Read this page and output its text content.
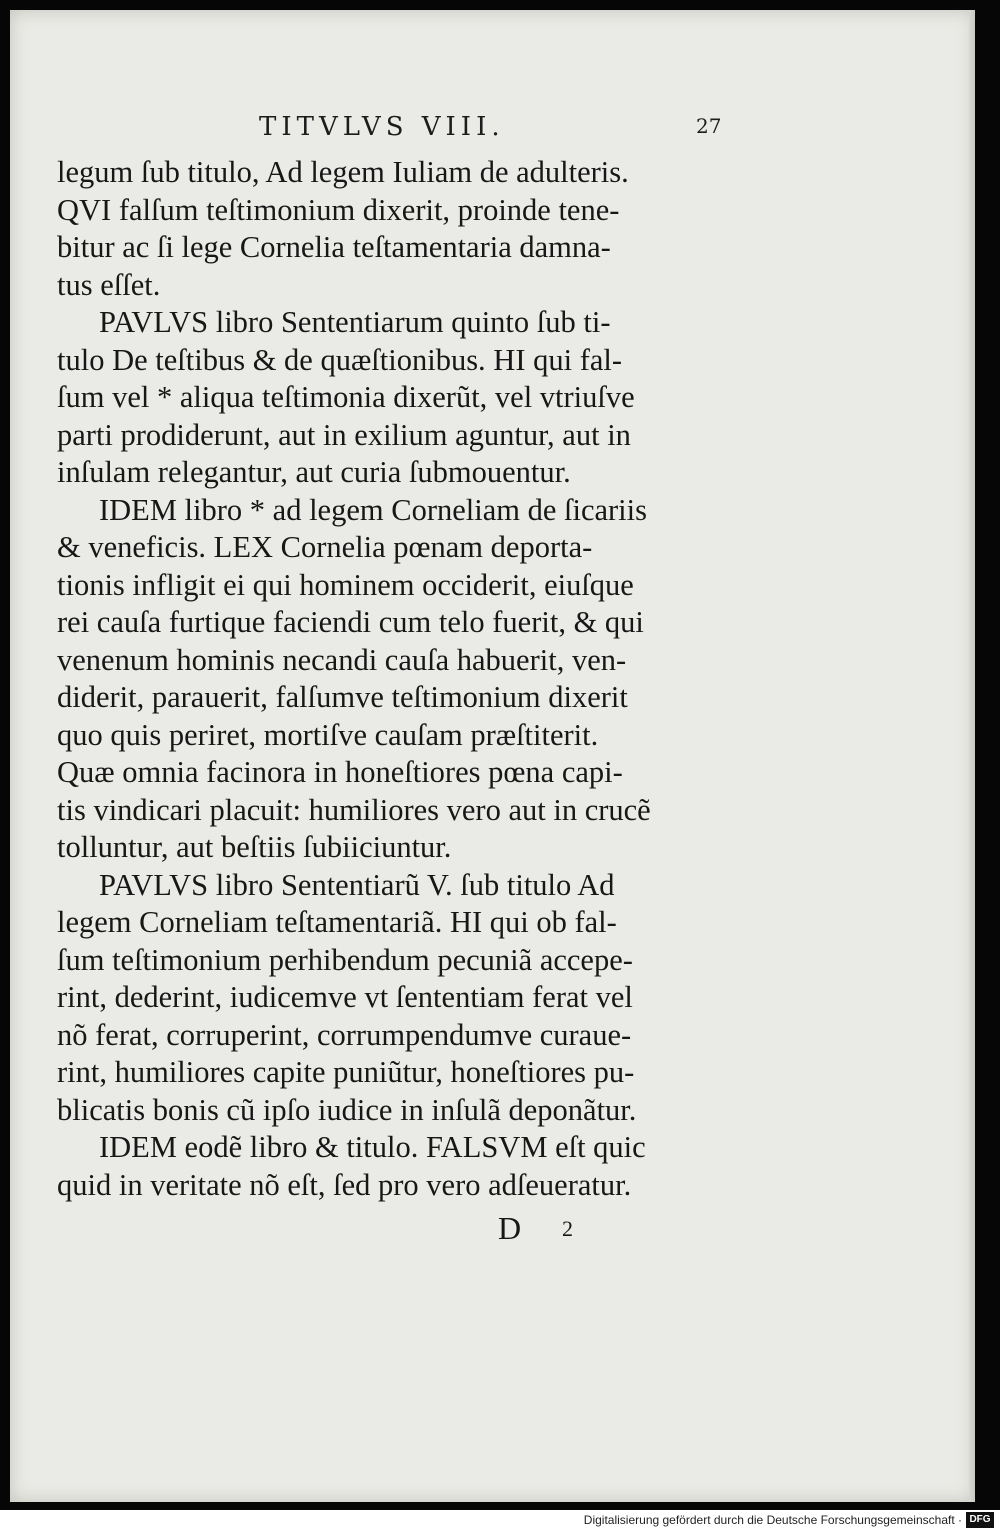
TITVLVS VIII.	27
legum ſub titulo, Ad legem Iuliam de adulteris.
QVI falſum teſtimonium dixerit, proinde tene-
bitur ac ſi lege Cornelia teſtamentaria damna-
tus eſſet.
PAVLVS libro Sententiarum quinto ſub ti-
tulo De teſtibus & de quæſtionibus. HI qui fal-
ſum vel * aliqua teſtimonia dixerũt, vel vtriuſve
parti prodiderunt, aut in exilium aguntur, aut in
inſulam relegantur, aut curia ſubmouentur.
IDEM libro * ad legem Corneliam de ſicariis
& veneficis. LEX Cornelia pœnam deporta-
tionis infligit ei qui hominem occiderit, eiuſque
rei cauſa furtique faciendi cum telo fuerit, & qui
venenum hominis necandi cauſa habuerit, ven-
diderit, parauerit, falſumve teſtimonium dixerit
quo quis periret, mortiſve cauſam præſtiterit.
Quæ omnia facinora in honeſtiores pœna capi-
tis vindicari placuit: humiliores vero aut in crucẽ
tolluntur, aut beſtiis ſubiiciuntur.
PAVLVS libro Sententiarũ V. ſub titulo Ad
legem Corneliam teſtamentariã. HI qui ob fal-
ſum teſtimonium perhibendum pecuniã accepe-
rint, dederint, iudicemve vt ſententiam ferat vel
nõ ferat, corruperint, corrumpendumve curaue-
rint, humiliores capite puniũtur, honeſtiores pu-
blicatis bonis cũ ipſo iudice in inſulã deponãtur.
IDEM eodẽ libro & titulo. FALSVM eſt quic
quid in veritate nõ eſt, ſed pro vero adſeueratur.
D 2
Digitalisierung gefördert durch die Deutsche Forschungsgemeinschaft · DFG
